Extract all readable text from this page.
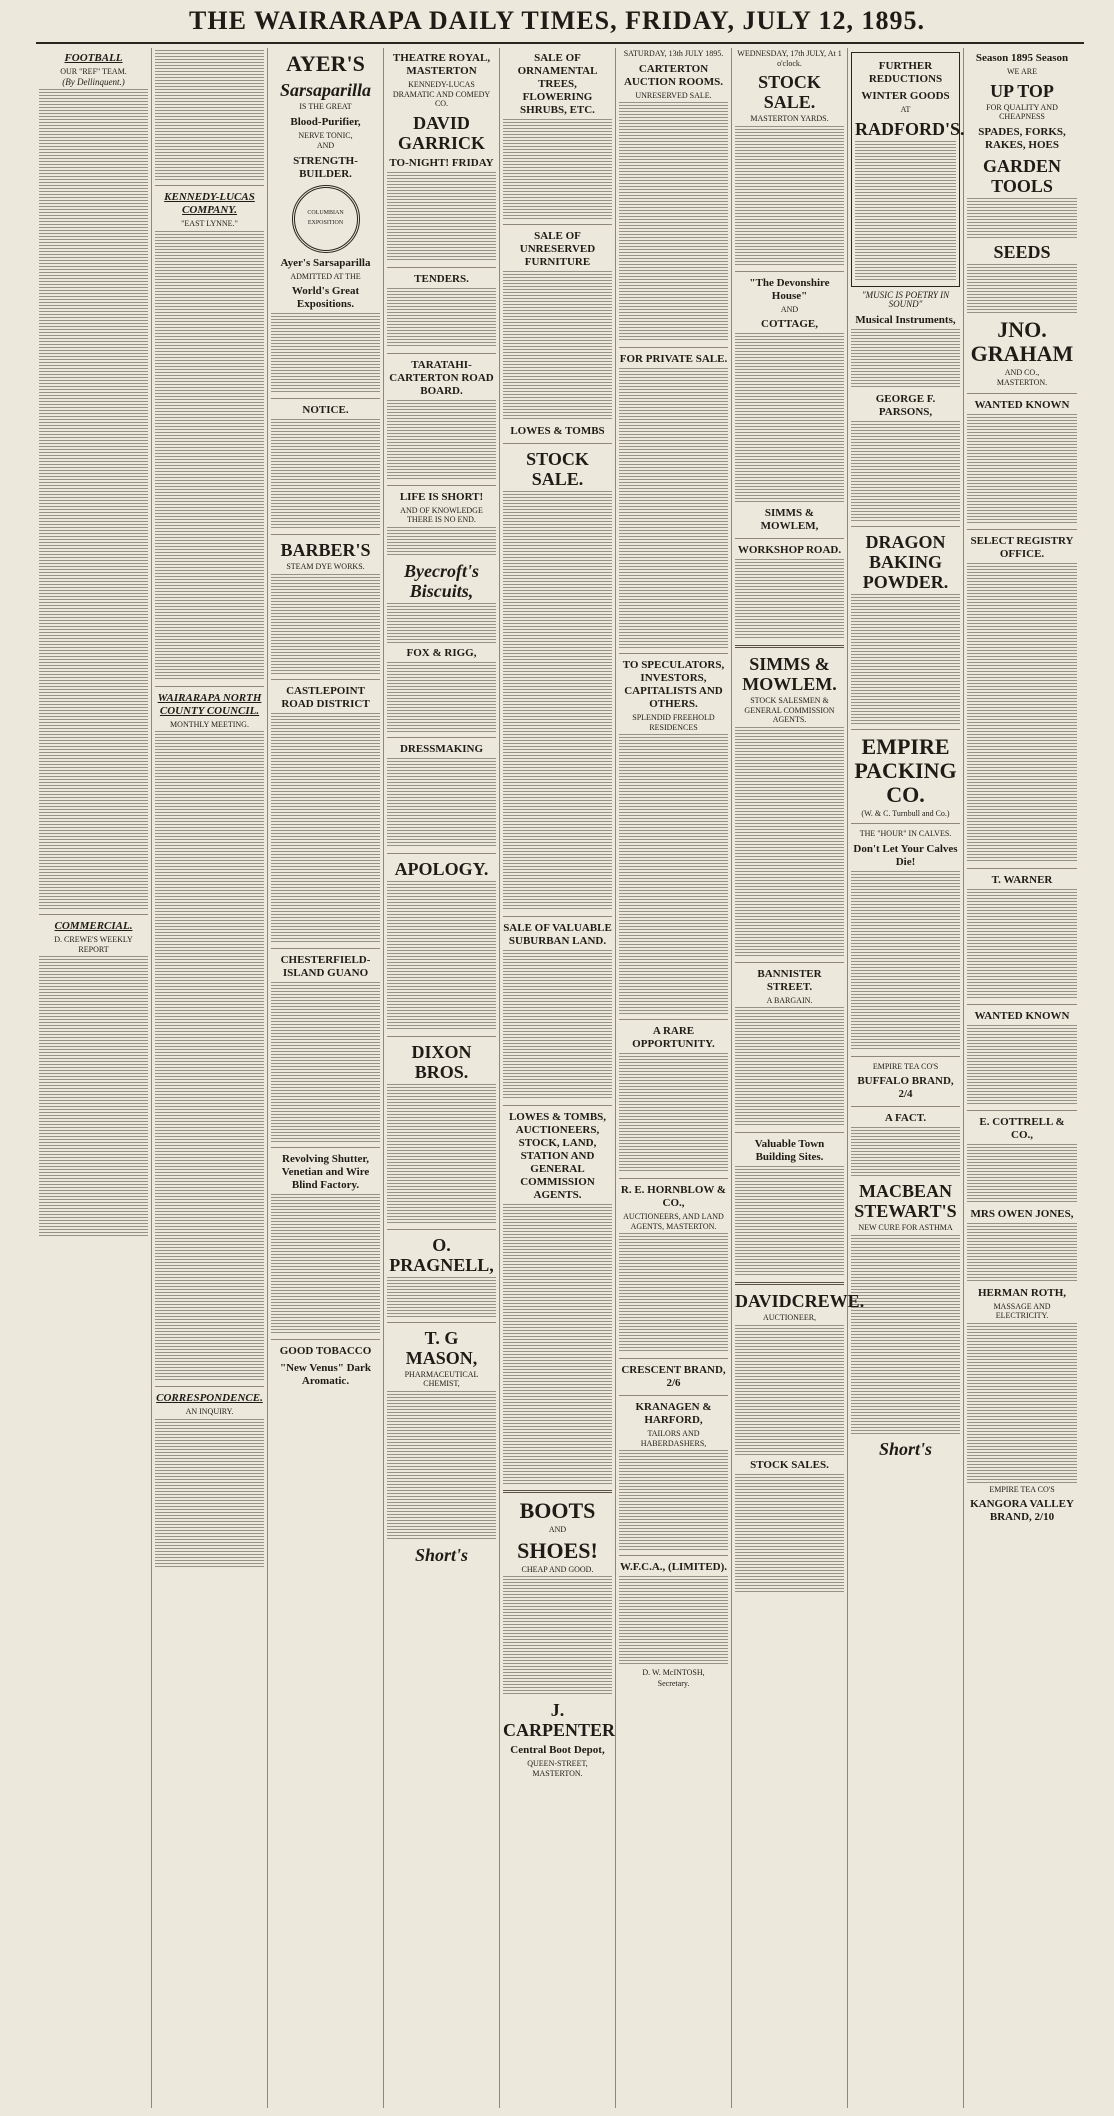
THE WAIRARAPA DAILY TIMES, FRIDAY, JULY 12, 1895.
FOOTBALL
OUR "REF" TEAM.
(By Dellinquent.)
COMMERCIAL.
D. CREWE'S WEEKLY REPORT
KENNEDY-LUCAS COMPANY.
"EAST LYNNE."
WAIRARAPA NORTH COUNTY COUNCIL.
MONTHLY MEETING.
CORRESPONDENCE.
AN INQUIRY.
AYER'S
Sarsaparilla
IS THE GREAT
Blood-Purifier,
NERVE TONIC,
AND
STRENGTH-BUILDER.
COLUMBIAN EXPOSITION
Ayer's Sarsaparilla
ADMITTED AT THE
World's Great Expositions.
NOTICE.
BARBER'S
STEAM DYE WORKS.
CASTLEPOINT ROAD DISTRICT
CHESTERFIELD-ISLAND GUANO
Revolving Shutter, Venetian and Wire Blind Factory.
GOOD TOBACCO
"New Venus" Dark Aromatic.
THEATRE ROYAL, MASTERTON
KENNEDY-LUCAS DRAMATIC AND COMEDY CO.
DAVID GARRICK
TO-NIGHT! FRIDAY
TENDERS.
TARATAHI-CARTERTON ROAD BOARD.
LIFE IS SHORT!
AND OF KNOWLEDGE THERE IS NO END.
Byecroft's Biscuits,
FOX & RIGG,
DRESSMAKING
APOLOGY.
DIXON BROS.
O. PRAGNELL,
T. G MASON,
PHARMACEUTICAL CHEMIST,
Short's
SALE OF ORNAMENTAL TREES, FLOWERING SHRUBS, ETC.
SALE OF UNRESERVED FURNITURE
LOWES & TOMBS
STOCK SALE.
SALE OF VALUABLE SUBURBAN LAND.
LOWES & TOMBS, AUCTIONEERS, STOCK, LAND, STATION AND GENERAL COMMISSION AGENTS.
BOOTS
AND
SHOES!
CHEAP AND GOOD.
J. CARPENTER
Central Boot Depot,
QUEEN-STREET, MASTERTON.
SATURDAY, 13th JULY 1895.
CARTERTON AUCTION ROOMS.
UNRESERVED SALE.
FOR PRIVATE SALE.
TO SPECULATORS, INVESTORS, CAPITALISTS AND OTHERS.
SPLENDID FREEHOLD RESIDENCES
A RARE OPPORTUNITY.
R. E. HORNBLOW & CO.,
AUCTIONEERS, AND LAND AGENTS, MASTERTON.
CRESCENT BRAND, 2/6
KRANAGEN & HARFORD,
TAILORS AND HABERDASHERS,
W.F.C.A., (LIMITED).
D. W. McINTOSH,
Secretary.
WEDNESDAY, 17th JULY, At 1 o'clock.
STOCK SALE.
MASTERTON YARDS.
"The Devonshire House"
AND
COTTAGE,
SIMMS & MOWLEM,
WORKSHOP ROAD.
SIMMS & MOWLEM.
STOCK SALESMEN & GENERAL COMMISSION AGENTS.
BANNISTER STREET.
A BARGAIN.
Valuable Town Building Sites.
DAVIDCREWE.
AUCTIONEER,
STOCK SALES.
FURTHER REDUCTIONS
WINTER GOODS
AT
RADFORD'S.
"MUSIC IS POETRY IN SOUND"
Musical Instruments,
GEORGE F. PARSONS,
DRAGON BAKING POWDER.
EMPIRE PACKING CO.
(W. & C. Turnbull and Co.)
THE "HOUR" IN CALVES.
Don't Let Your Calves Die!
EMPIRE TEA CO'S
BUFFALO BRAND, 2/4
A FACT.
MACBEAN STEWART'S
NEW CURE FOR ASTHMA
Short's
Season 1895 Season
WE ARE
UP TOP
FOR QUALITY AND CHEAPNESS
SPADES, FORKS, RAKES, HOES
GARDEN TOOLS
SEEDS
JNO. GRAHAM
AND CO.,
MASTERTON.
WANTED KNOWN
SELECT REGISTRY OFFICE.
T. WARNER
WANTED KNOWN
E. COTTRELL & CO.,
MRS OWEN JONES,
HERMAN ROTH,
MASSAGE AND ELECTRICITY.
EMPIRE TEA CO'S
KANGORA VALLEY BRAND, 2/10
